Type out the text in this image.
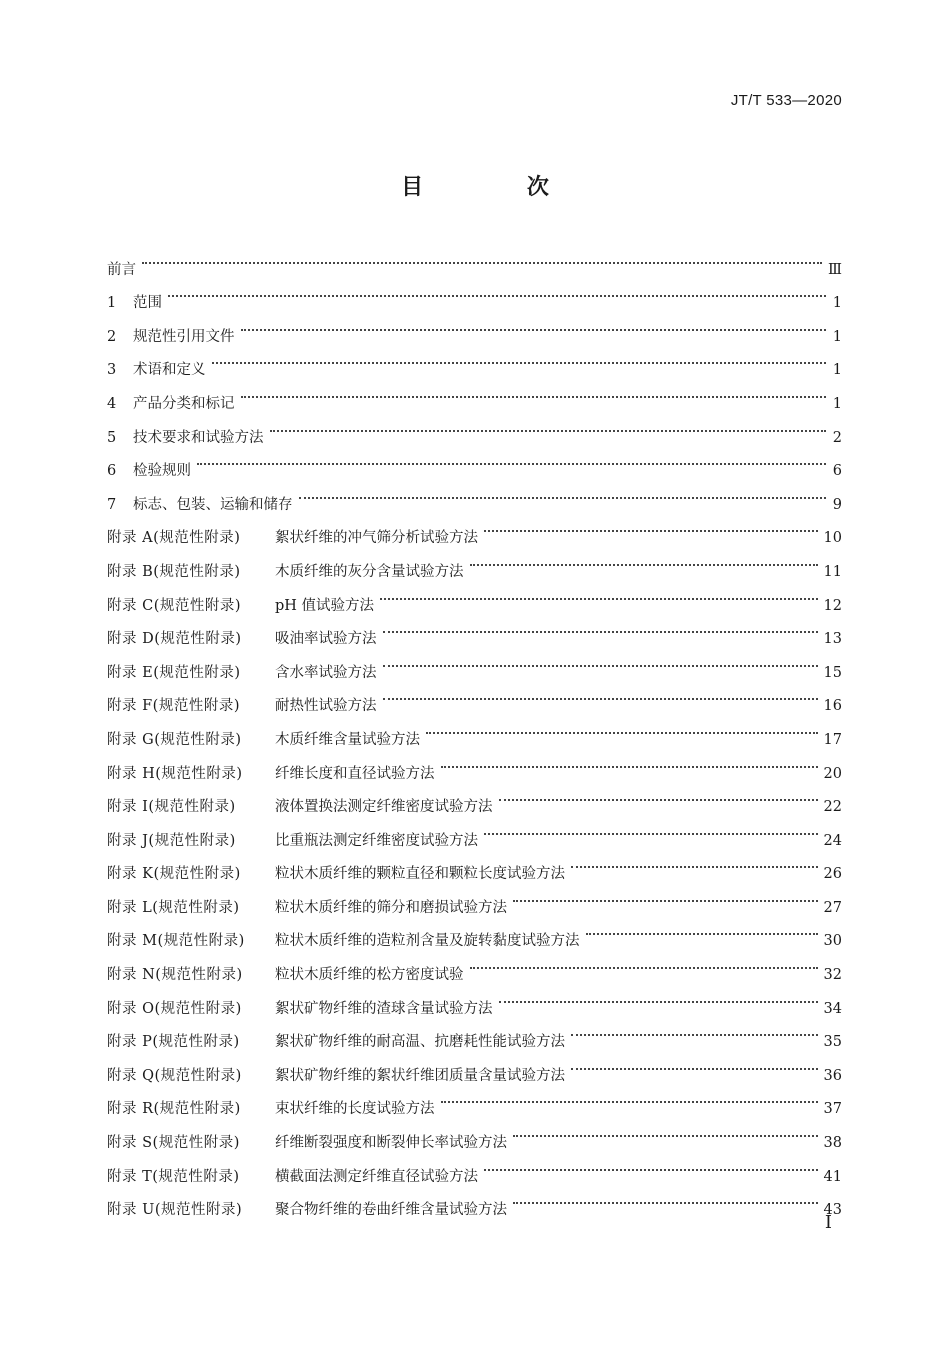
JT/T 533—2020
目 次
前言	Ⅲ
1	范围	1
2	规范性引用文件	1
3	术语和定义	1
4	产品分类和标记	1
5	技术要求和试验方法	2
6	检验规则	6
7	标志、包装、运输和储存	9
附录 A(规范性附录)	絮状纤维的冲气筛分析试验方法	10
附录 B(规范性附录)	木质纤维的灰分含量试验方法	11
附录 C(规范性附录)	pH 值试验方法	12
附录 D(规范性附录)	吸油率试验方法	13
附录 E(规范性附录)	含水率试验方法	15
附录 F(规范性附录)	耐热性试验方法	16
附录 G(规范性附录)	木质纤维含量试验方法	17
附录 H(规范性附录)	纤维长度和直径试验方法	20
附录 I(规范性附录)	液体置换法测定纤维密度试验方法	22
附录 J(规范性附录)	比重瓶法测定纤维密度试验方法	24
附录 K(规范性附录)	粒状木质纤维的颗粒直径和颗粒长度试验方法	26
附录 L(规范性附录)	粒状木质纤维的筛分和磨损试验方法	27
附录 M(规范性附录)	粒状木质纤维的造粒剂含量及旋转黏度试验方法	30
附录 N(规范性附录)	粒状木质纤维的松方密度试验	32
附录 O(规范性附录)	絮状矿物纤维的渣球含量试验方法	34
附录 P(规范性附录)	絮状矿物纤维的耐高温、抗磨耗性能试验方法	35
附录 Q(规范性附录)	絮状矿物纤维的絮状纤维团质量含量试验方法	36
附录 R(规范性附录)	束状纤维的长度试验方法	37
附录 S(规范性附录)	纤维断裂强度和断裂伸长率试验方法	38
附录 T(规范性附录)	横截面法测定纤维直径试验方法	41
附录 U(规范性附录)	聚合物纤维的卷曲纤维含量试验方法	43
Ⅰ
